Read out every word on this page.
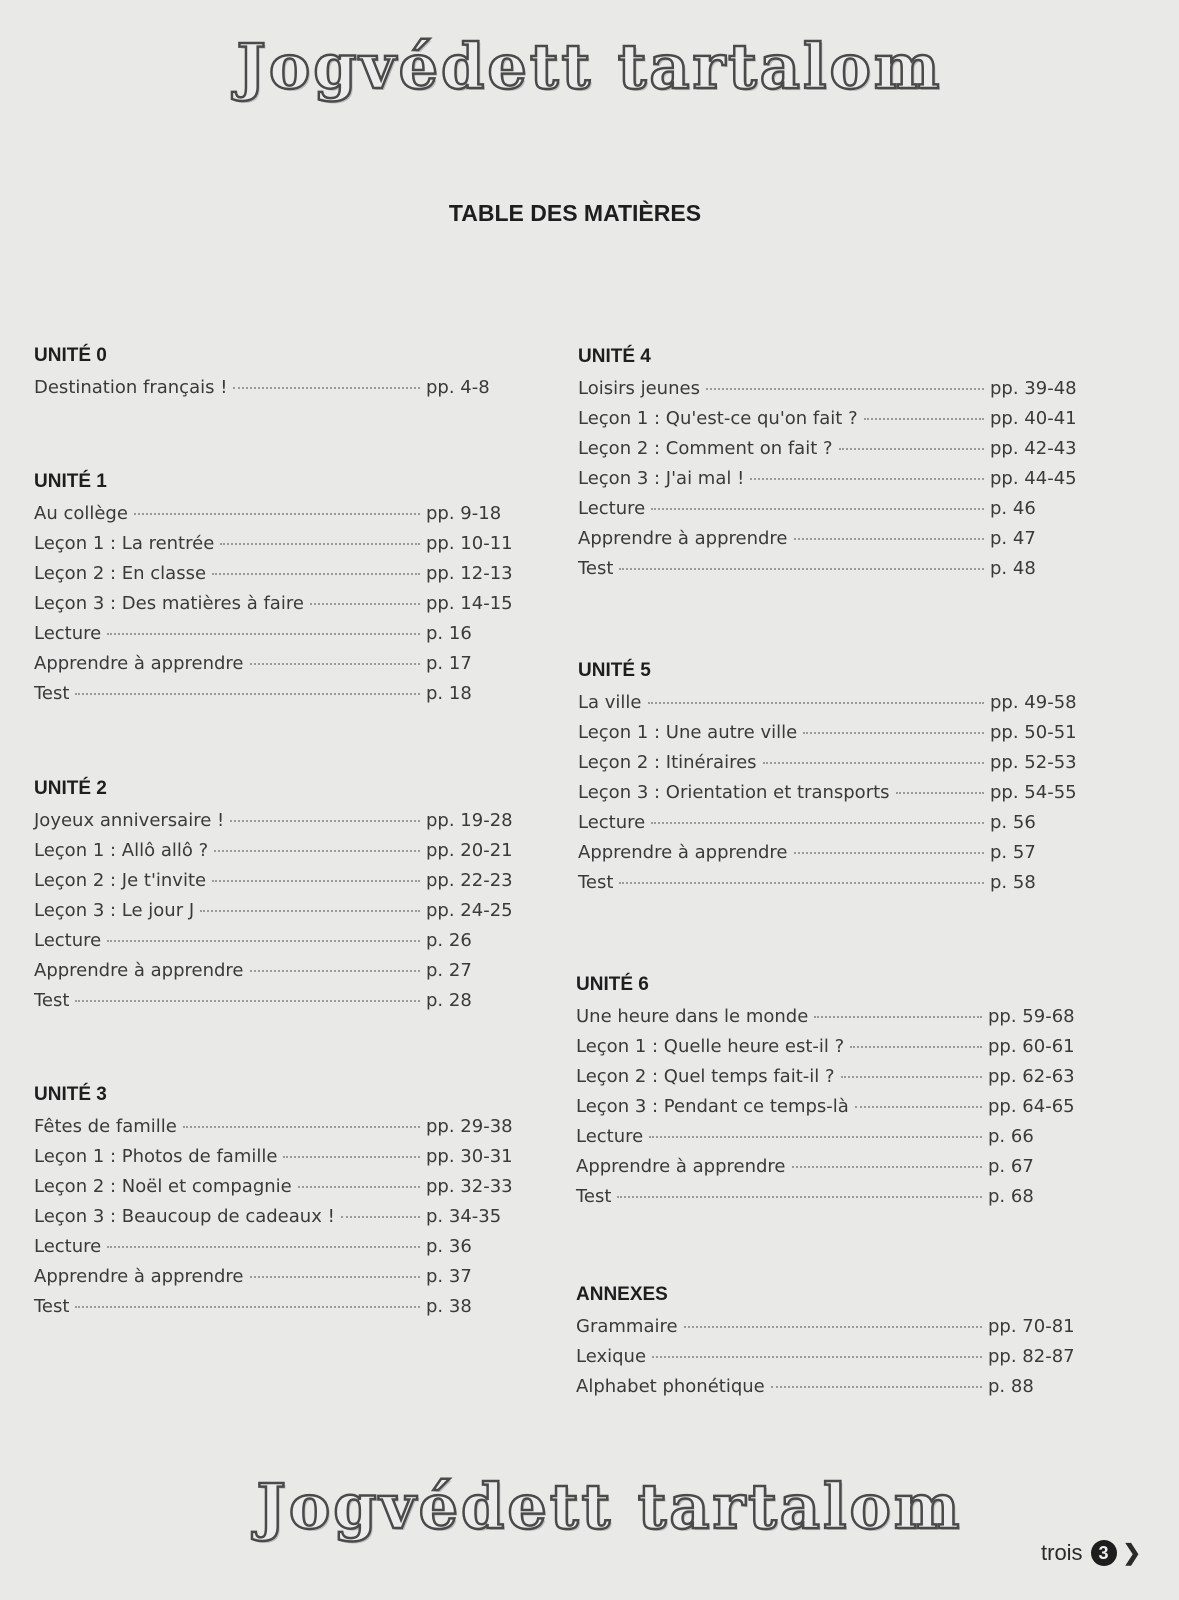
Jogvédett tartalom
TABLE DES MATIÈRES
UNITÉ 0
Destination français !	pp. 4-8
UNITÉ 1
Au collège	pp. 9-18
Leçon 1 : La rentrée	pp. 10-11
Leçon 2 : En classe	pp. 12-13
Leçon 3 : Des matières à faire	pp. 14-15
Lecture	p. 16
Apprendre à apprendre	p. 17
Test	p. 18
UNITÉ 2
Joyeux anniversaire !	pp. 19-28
Leçon 1 : Allô allô ?	pp. 20-21
Leçon 2 : Je t'invite	pp. 22-23
Leçon 3 : Le jour J	pp. 24-25
Lecture	p. 26
Apprendre à apprendre	p. 27
Test	p. 28
UNITÉ 3
Fêtes de famille	pp. 29-38
Leçon 1 : Photos de famille	pp. 30-31
Leçon 2 : Noël et compagnie	pp. 32-33
Leçon 3 : Beaucoup de cadeaux !	p. 34-35
Lecture	p. 36
Apprendre à apprendre	p. 37
Test	p. 38
UNITÉ 4
Loisirs jeunes	pp. 39-48
Leçon 1 : Qu'est-ce qu'on fait ?	pp. 40-41
Leçon 2 : Comment on fait ?	pp. 42-43
Leçon 3 : J'ai mal !	pp. 44-45
Lecture	p. 46
Apprendre à apprendre	p. 47
Test	p. 48
UNITÉ 5
La ville	pp. 49-58
Leçon 1 : Une autre ville	pp. 50-51
Leçon 2 : Itinéraires	pp. 52-53
Leçon 3 : Orientation et transports	pp. 54-55
Lecture	p. 56
Apprendre à apprendre	p. 57
Test	p. 58
UNITÉ 6
Une heure dans le monde	pp. 59-68
Leçon 1 : Quelle heure est-il ?	pp. 60-61
Leçon 2 : Quel temps fait-il ?	pp. 62-63
Leçon 3 : Pendant ce temps-là	pp. 64-65
Lecture	p. 66
Apprendre à apprendre	p. 67
Test	p. 68
ANNEXES
Grammaire	pp. 70-81
Lexique	pp. 82-87
Alphabet phonétique	p. 88
Jogvédett tartalom
trois 3 ❯
